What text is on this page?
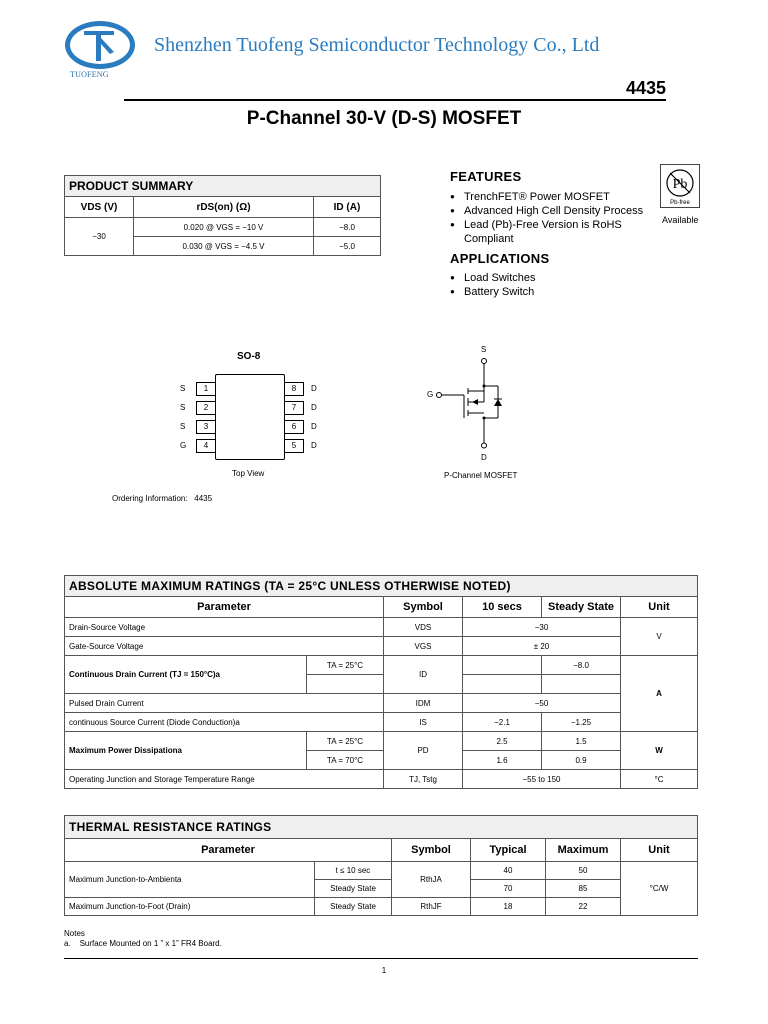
TUOFENG
Shenzhen Tuofeng Semiconductor Technology Co., Ltd
4435
P-Channel 30-V (D-S) MOSFET
PRODUCT SUMMARY		
VDS (V)	rDS(on) (Ω)	ID (A)
−30	0.020 @ VGS = −10 V	−8.0
	0.030 @ VGS = −4.5 V	−5.0
FEATURES
● TrenchFET® Power MOSFET
● Advanced High Cell Density Process
● Lead (Pb)-Free Version is RoHS Compliant
APPLICATIONS
● Load Switches
● Battery Switch
Pb
Pb-free
Available
SO-8
S	1
S	2
S	3
G	4
8	D
7	D
6	D
5	D
Top View
Ordering Information:   4435
S
G
D
P-Channel MOSFET
ABSOLUTE MAXIMUM RATINGS (TA = 25°C UNLESS OTHERWISE NOTED)					
Parameter		Symbol	10 secs	Steady State	Unit
Drain-Source Voltage		VDS	−30		V
Gate-Source Voltage		VGS	± 20		
Continuous Drain Current (TJ = 150°C)a	TA = 25°C	ID		−8.0	A

Pulsed Drain Current		IDM	−50		
continuous Source Current (Diode Conduction)a		IS	−2.1	−1.25	
Maximum Power Dissipationa	TA = 25°C	PD	2.5	1.5	W
	TA = 70°C		1.6	0.9	
Operating Junction and Storage Temperature Range		TJ, Tstg	−55 to 150		°C
THERMAL RESISTANCE RATINGS					
Parameter		Symbol	Typical	Maximum	Unit
Maximum Junction-to-Ambienta	t ≤ 10 sec	RthJA	40	50	°C/W
	Steady State		70	85	
Maximum Junction-to-Foot (Drain)	Steady State	RthJF	18	22	
Notes
a.    Surface Mounted on 1 ” x 1” FR4 Board.
1
